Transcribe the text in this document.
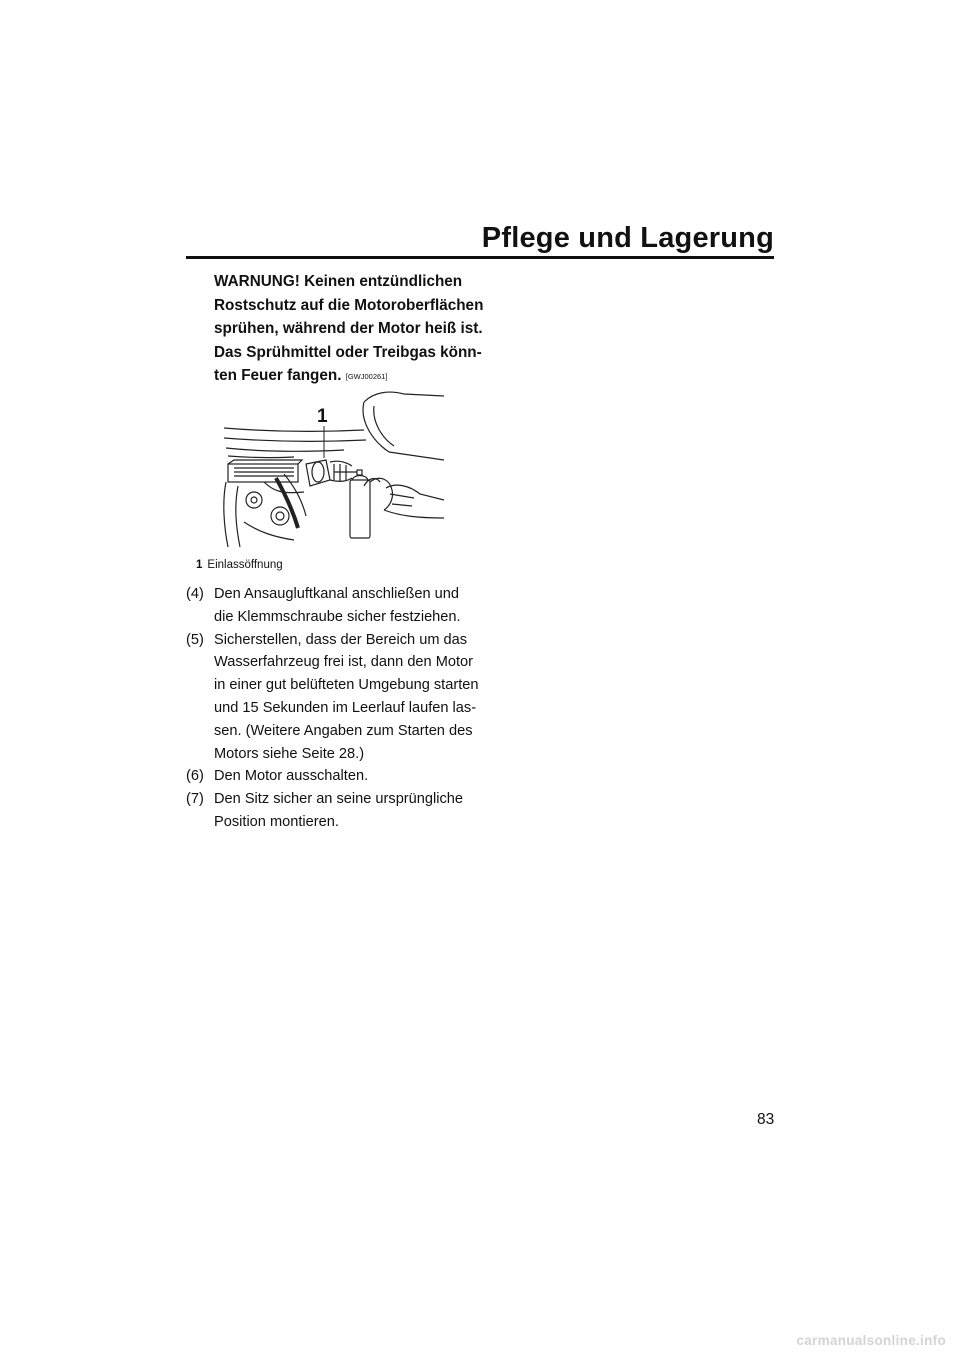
Pflege und Lagerung
WARNUNG! Keinen entzündlichen
Rostschutz auf die Motoroberflächen
sprühen, während der Motor heiß ist.
Das Sprühmittel oder Treibgas könn-
ten Feuer fangen. [GWJ00261]
1
1 Einlassöffnung
(4) Den Ansaugluftkanal anschließen und
die Klemmschraube sicher festziehen.
(5) Sicherstellen, dass der Bereich um das
Wasserfahrzeug frei ist, dann den Motor
in einer gut belüfteten Umgebung starten
und 15 Sekunden im Leerlauf laufen las-
sen. (Weitere Angaben zum Starten des
Motors siehe Seite 28.)
(6) Den Motor ausschalten.
(7) Den Sitz sicher an seine ursprüngliche
Position montieren.
83
carmanualsonline.info
